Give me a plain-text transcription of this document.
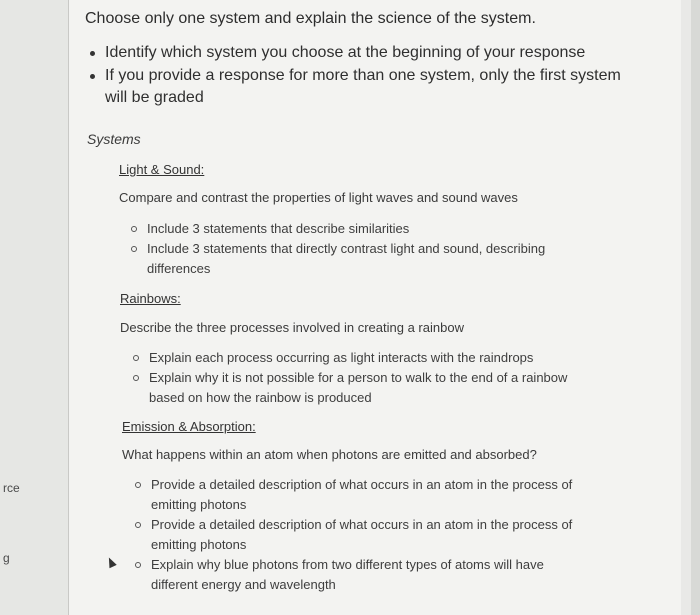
rce
g
Choose only one system and explain the science of the system.
Identify which system you choose at the beginning of your response
If you provide a response for more than one system, only the first system will be graded
Systems
Light & Sound:
Compare and contrast the properties of light waves and sound waves
Include 3 statements that describe similarities
Include 3 statements that directly contrast light and sound, describing differences
Rainbows:
Describe the three processes involved in creating a rainbow
Explain each process occurring as light interacts with the raindrops
Explain why it is not possible for a person to walk to the end of a rainbow based on how the rainbow is produced
Emission & Absorption:
What happens within an atom when photons are emitted and absorbed?
Provide a detailed description of what occurs in an atom in the process of emitting photons
Provide a detailed description of what occurs in an atom in the process of emitting photons
Explain why blue photons from two different types of atoms will have different energy and wavelength
